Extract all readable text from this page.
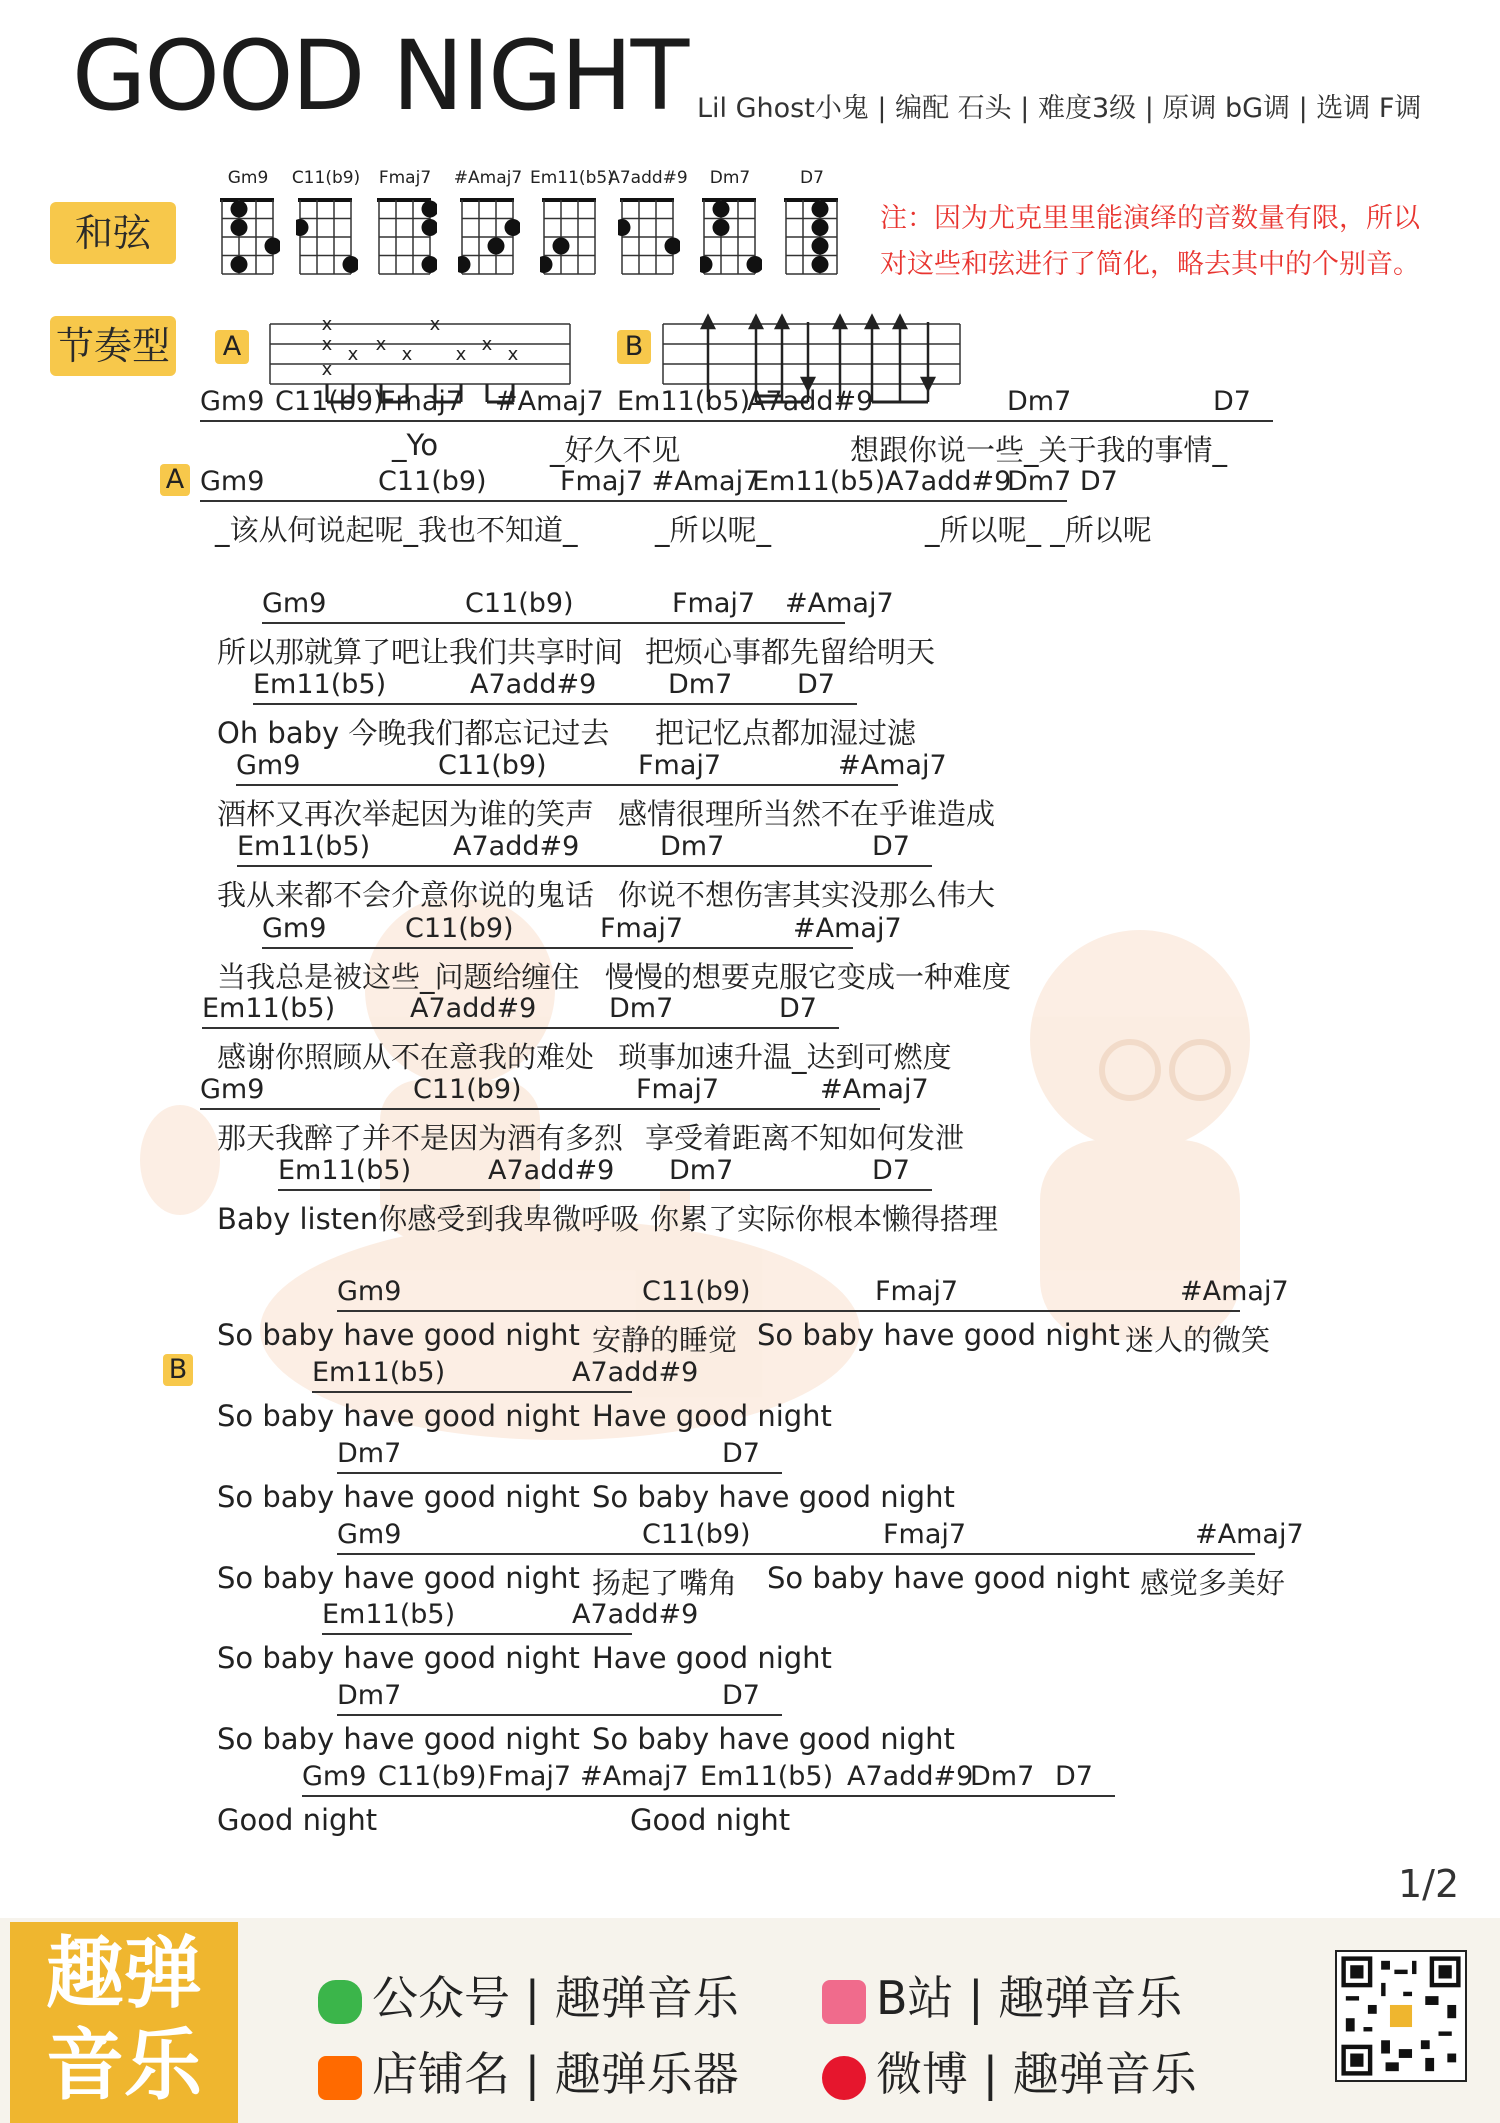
GOOD NIGHT Lil Ghost小鬼 | 编配 石头 | 难度3级 | 原调 bG调 | 选调 F调
和弦
节奏型
Gm9	C11(b9)	Fmaj7	#Amaj7 Em11(b5)
A7add#9	Dm7	D7
注：因为尤克里里能演绎的音数量有限，所以对这些和弦进行了简化，略去其中的个别音。
A
x
x x x x
x
x x x
x
B
A
B
Gm9 C11(b9)
Fmaj7 #Amaj7 Em11(b5)
A7add#9	Dm7	D7
_Yo	_好久不见	想跟你说一些_关于我的事情_
Gm9	C11(b9)	Fmaj7 #Amaj7
Em11(b5) A7add#9
Dm7 D7
_该从何说起呢_我也不知道_	_所以呢_	_所以呢_ _所以呢
Gm9	C11(b9)	Fmaj7 #Amaj7
所以那就算了吧让我们共享时间 把烦心事都先留给明天
Em11(b5)	A7add#9	Dm7 D7
Oh baby 今晚我们都忘记过去 把记忆点都加湿过滤
Gm9	C11(b9)	Fmaj7	#Amaj7
酒杯又再次举起因为谁的笑声 感情很理所当然不在乎谁造成
Em11(b5)	A7add#9	Dm7	D7
我从来都不会介意你说的鬼话 你说不想伤害其实没那么伟大
Gm9	C11(b9)	Fmaj7	#Amaj7
当我总是被这些_问题给缠住 慢慢的想要克服它变成一种难度
Em11(b5)	A7add#9	Dm7	D7
感谢你照顾从不在意我的难处 琐事加速升温_达到可燃度
Gm9	C11(b9)	Fmaj7	#Amaj7
那天我醉了并不是因为酒有多烈 享受着距离不知如何发泄
Em11(b5)	A7add#9 Dm7	D7
Baby listen你感受到我卑微呼吸 你累了实际你根本懒得搭理
Gm9	C11(b9)	Fmaj7	#Amaj7
So baby have good night 安静的睡觉 So baby have good night 迷人的微笑
Em11(b5)	A7add#9
So baby have good night Have good night
Dm7	D7
So baby have good night So baby have good night
Gm9	C11(b9)	Fmaj7	#Amaj7
So baby have good night 扬起了嘴角 So baby have good night 感觉多美好
Em11(b5)	A7add#9
So baby have good night Have good night
Dm7	D7
So baby have good night So baby have good night
Gm9 C11(b9) Fmaj7 #Amaj7 Em11(b5) A7add#9
Dm7 D7
Good night	Good night
1/2
趣弹音乐
公众号 | 趣弹音乐	B站 | 趣弹音乐
店铺名 | 趣弹乐器	微博 | 趣弹音乐
